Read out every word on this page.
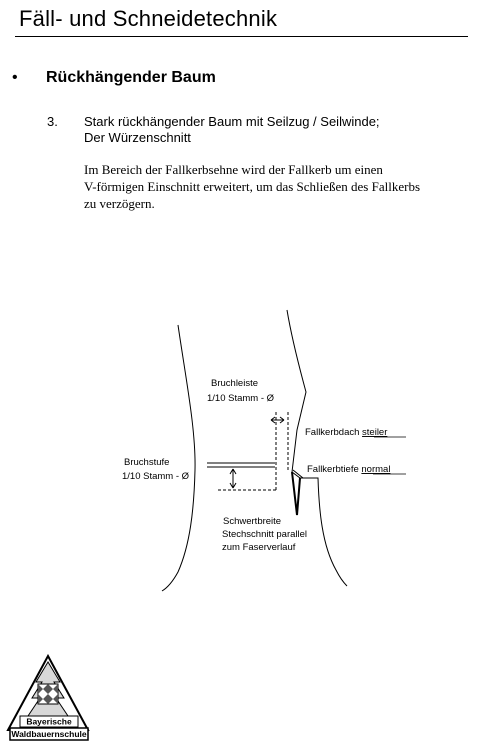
Fäll- und Schneidetechnik
• Rückhängender Baum
3. Stark rückhängender Baum mit Seilzug / Seilwinde;
Der Würzenschnitt
Im Bereich der Fallkerbsehne wird der Fallkerb um einen
V-förmigen Einschnitt erweitert, um das Schließen des Fallkerbs
zu verzögern.
Bruchleiste
1/10 Stamm - Ø
Bruchstufe
1/10 Stamm - Ø
Fallkerbdach steiler
Fallkerbtiefe normal
Schwertbreite
Stechschnitt parallel
zum Faserverlauf
Bayerische
Waldbauernschule
